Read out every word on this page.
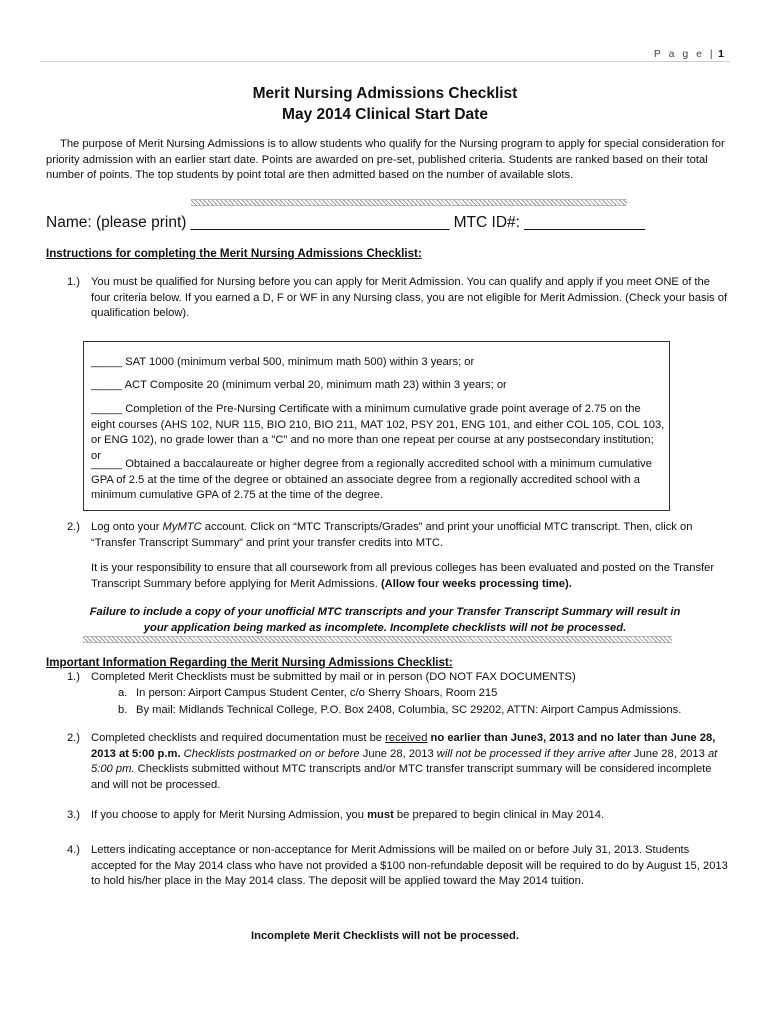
P a g e | 1
Merit Nursing Admissions Checklist
May 2014 Clinical Start Date
The purpose of Merit Nursing Admissions is to allow students who qualify for the Nursing program to apply for special consideration for priority admission with an earlier start date. Points are awarded on pre-set, published criteria. Students are ranked based on their total number of points. The top students by point total are then admitted based on the number of available slots.
Name: (please print) ______________________________ MTC ID#: ______________
Instructions for completing the Merit Nursing Admissions Checklist:
1.) You must be qualified for Nursing before you can apply for Merit Admission. You can qualify and apply if you meet ONE of the four criteria below. If you earned a D, F or WF in any Nursing class, you are not eligible for Merit Admission. (Check your basis of qualification below).
_____ SAT 1000 (minimum verbal 500, minimum math 500) within 3 years; or
_____ ACT Composite 20 (minimum verbal 20, minimum math 23) within 3 years; or
_____ Completion of the Pre-Nursing Certificate with a minimum cumulative grade point average of 2.75 on the eight courses (AHS 102, NUR 115, BIO 210, BIO 211, MAT 102, PSY 201, ENG 101, and either COL 105, COL 103, or ENG 102), no grade lower than a "C" and no more than one repeat per course at any postsecondary institution; or
_____ Obtained a baccalaureate or higher degree from a regionally accredited school with a minimum cumulative GPA of 2.5 at the time of the degree or obtained an associate degree from a regionally accredited school with a minimum cumulative GPA of 2.75 at the time of the degree.
2.) Log onto your MyMTC account. Click on “MTC Transcripts/Grades” and print your unofficial MTC transcript. Then, click on “Transfer Transcript Summary” and print your transfer credits into MTC.
It is your responsibility to ensure that all coursework from all previous colleges has been evaluated and posted on the Transfer Transcript Summary before applying for Merit Admissions. (Allow four weeks processing time).
Failure to include a copy of your unofficial MTC transcripts and your Transfer Transcript Summary will result in your application being marked as incomplete. Incomplete checklists will not be processed.
Important Information Regarding the Merit Nursing Admissions Checklist:
1.) Completed Merit Checklists must be submitted by mail or in person (DO NOT FAX DOCUMENTS)
a. In person: Airport Campus Student Center, c/o Sherry Shoars, Room 215
b. By mail: Midlands Technical College, P.O. Box 2408, Columbia, SC 29202, ATTN: Airport Campus Admissions.
2.) Completed checklists and required documentation must be received no earlier than June3, 2013 and no later than June 28, 2013 at 5:00 p.m. Checklists postmarked on or before June 28, 2013 will not be processed if they arrive after June 28, 2013 at 5:00 pm. Checklists submitted without MTC transcripts and/or MTC transfer transcript summary will be considered incomplete and will not be processed.
3.) If you choose to apply for Merit Nursing Admission, you must be prepared to begin clinical in May 2014.
4.) Letters indicating acceptance or non-acceptance for Merit Admissions will be mailed on or before July 31, 2013. Students accepted for the May 2014 class who have not provided a $100 non-refundable deposit will be required to do by August 15, 2013 to hold his/her place in the May 2014 class. The deposit will be applied toward the May 2014 tuition.
Incomplete Merit Checklists will not be processed.
